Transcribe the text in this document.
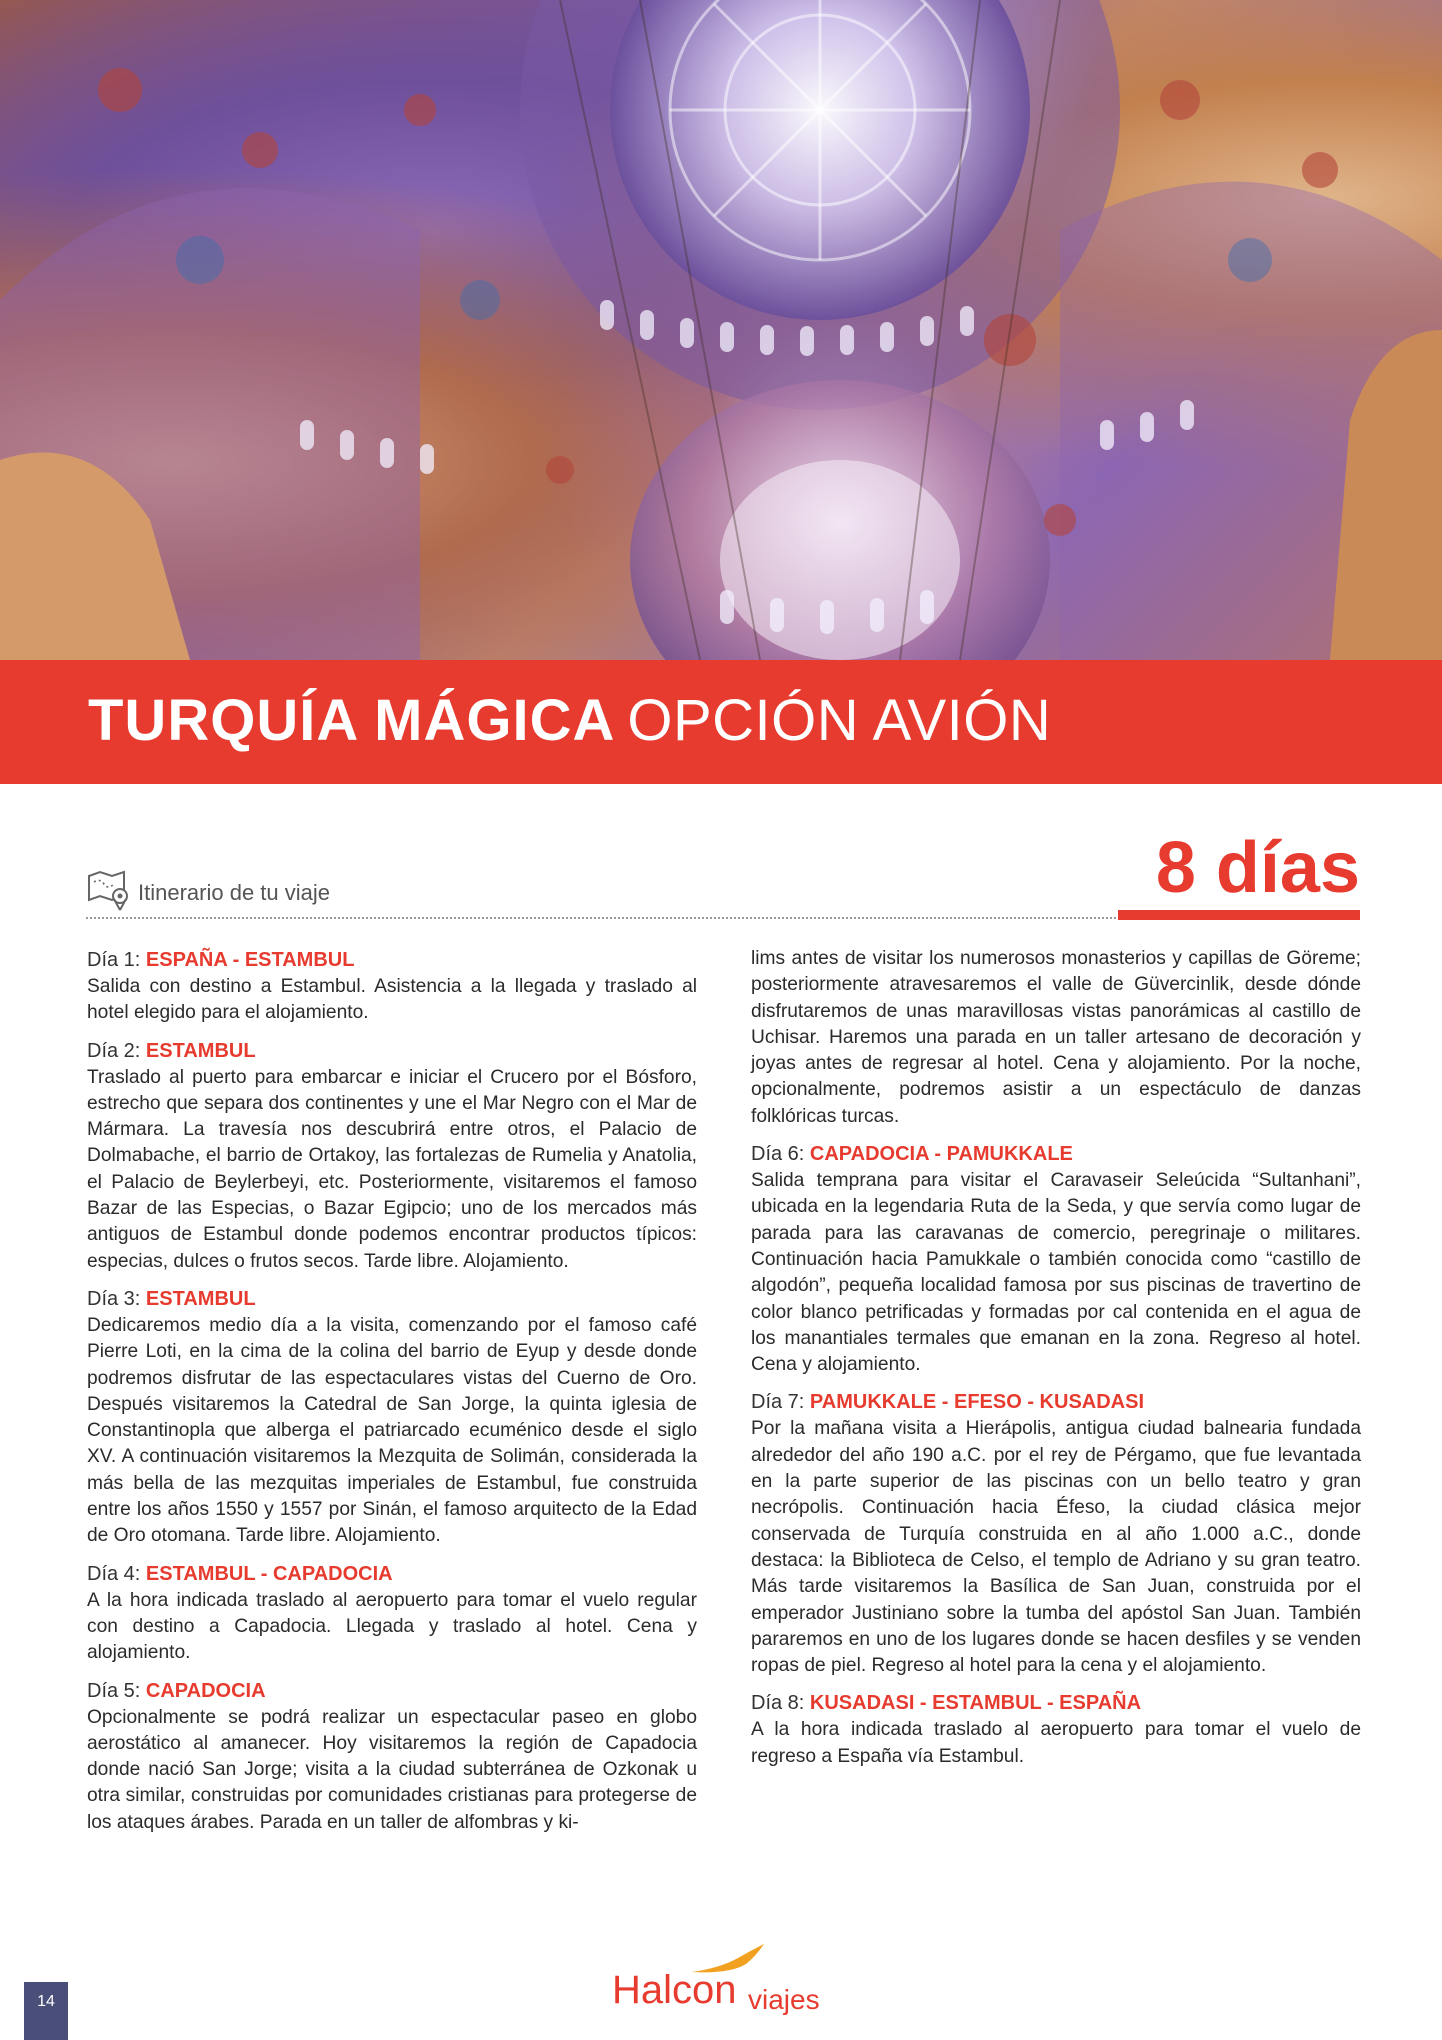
TURQUÍA MÁGICA OPCIÓN AVIÓN
Itinerario de tu viaje	8 días

Día 1: ESPAÑA - ESTAMBUL

Salida con destino a Estambul. Asistencia a la llegada y traslado al hotel elegido para el alojamiento.

Día 2: ESTAMBUL

Traslado al puerto para embarcar e iniciar el Crucero por el Bósforo, estrecho que separa dos continentes y une el Mar Negro con el Mar de Mármara. La travesía nos descubrirá entre otros, el Palacio de Dolmabache, el barrio de Ortakoy, las fortalezas de Rumelia y Anatolia, el Palacio de Beylerbeyi, etc. Posteriormente, visitaremos el famoso Bazar de las Especias, o Bazar Egipcio; uno de los mercados más antiguos de Estambul donde podemos encontrar productos típicos: especias, dulces o frutos secos. Tarde libre. Alojamiento.

Día 3: ESTAMBUL

Dedicaremos medio día a la visita, comenzando por el famoso café Pierre Loti, en la cima de la colina del barrio de Eyup y desde donde podremos disfrutar de las espectaculares vistas del Cuerno de Oro. Después visitaremos la Catedral de San Jorge, la quinta iglesia de Constantinopla que alberga el patriarcado ecuménico desde el siglo XV. A continuación visitaremos la Mezquita de Solimán, considerada la más bella de las mezquitas imperiales de Estambul, fue construida entre los años 1550 y 1557 por Sinán, el famoso arquitecto de la Edad de Oro otomana. Tarde libre. Alojamiento.

Día 4: ESTAMBUL - CAPADOCIA

A la hora indicada traslado al aeropuerto para tomar el vuelo regular con destino a Capadocia. Llegada y traslado al hotel. Cena y alojamiento.

Día 5: CAPADOCIA

Opcionalmente se podrá realizar un espectacular paseo en globo aerostático al amanecer. Hoy visitaremos la región de Capadocia donde nació San Jorge; visita a la ciudad subterránea de Ozkonak u otra similar, construidas por comunidades cristianas para protegerse de los ataques árabes. Parada en un taller de alfombras y ki-

lims antes de visitar los numerosos monasterios y capillas de Göreme; posteriormente atravesaremos el valle de Güvercinlik, desde dónde disfrutaremos de unas maravillosas vistas panorámicas al castillo de Uchisar. Haremos una parada en un taller artesano de decoración y joyas antes de regresar al hotel. Cena y alojamiento. Por la noche, opcionalmente, podremos asistir a un espectáculo de danzas folklóricas turcas.

Día 6: CAPADOCIA - PAMUKKALE

Salida temprana para visitar el Caravaseir Seleúcida “Sultanhani”, ubicada en la legendaria Ruta de la Seda, y que servía como lugar de parada para las caravanas de comercio, peregrinaje o militares. Continuación hacia Pamukkale o también conocida como “castillo de algodón”, pequeña localidad famosa por sus piscinas de travertino de color blanco petrificadas y formadas por cal contenida en el agua de los manantiales termales que emanan en la zona. Regreso al hotel. Cena y alojamiento.

Día 7: PAMUKKALE - EFESO - KUSADASI

Por la mañana visita a Hierápolis, antigua ciudad balnearia fundada alrededor del año 190 a.C. por el rey de Pérgamo, que fue levantada en la parte superior de las piscinas con un bello teatro y gran necrópolis. Continuación hacia Éfeso, la ciudad clásica mejor conservada de Turquía construida en al año 1.000 a.C., donde destaca: la Biblioteca de Celso, el templo de Adriano y su gran teatro. Más tarde visitaremos la Basílica de San Juan, construida por el emperador Justiniano sobre la tumba del apóstol San Juan. También pararemos en uno de los lugares donde se hacen desfiles y se venden ropas de piel. Regreso al hotel para la cena y el alojamiento.

Día 8: KUSADASI - ESTAMBUL - ESPAÑA

A la hora indicada traslado al aeropuerto para tomar el vuelo de regreso a España vía Estambul.

14	Halcon viajes
